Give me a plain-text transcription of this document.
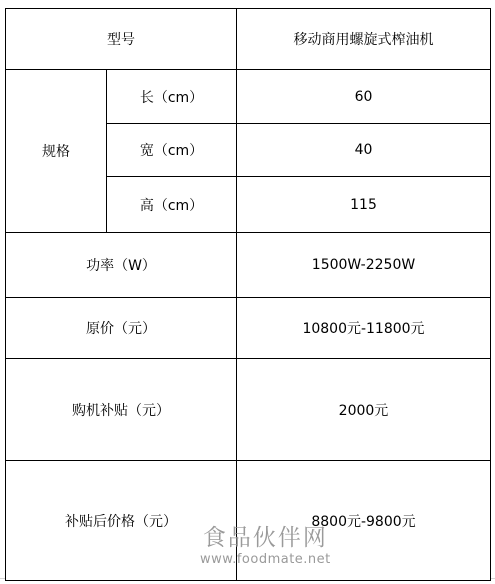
型号		移动商用螺旋式榨油机
规格	长（cm）	60
	宽（cm）	40
	高（cm）	115
功率（W）		1500W-2250W
原价（元）		10800元-11800元
购机补贴（元）		2000元
补贴后价格（元）		8800元-9800元
食品伙伴网
www.foodmate.net
